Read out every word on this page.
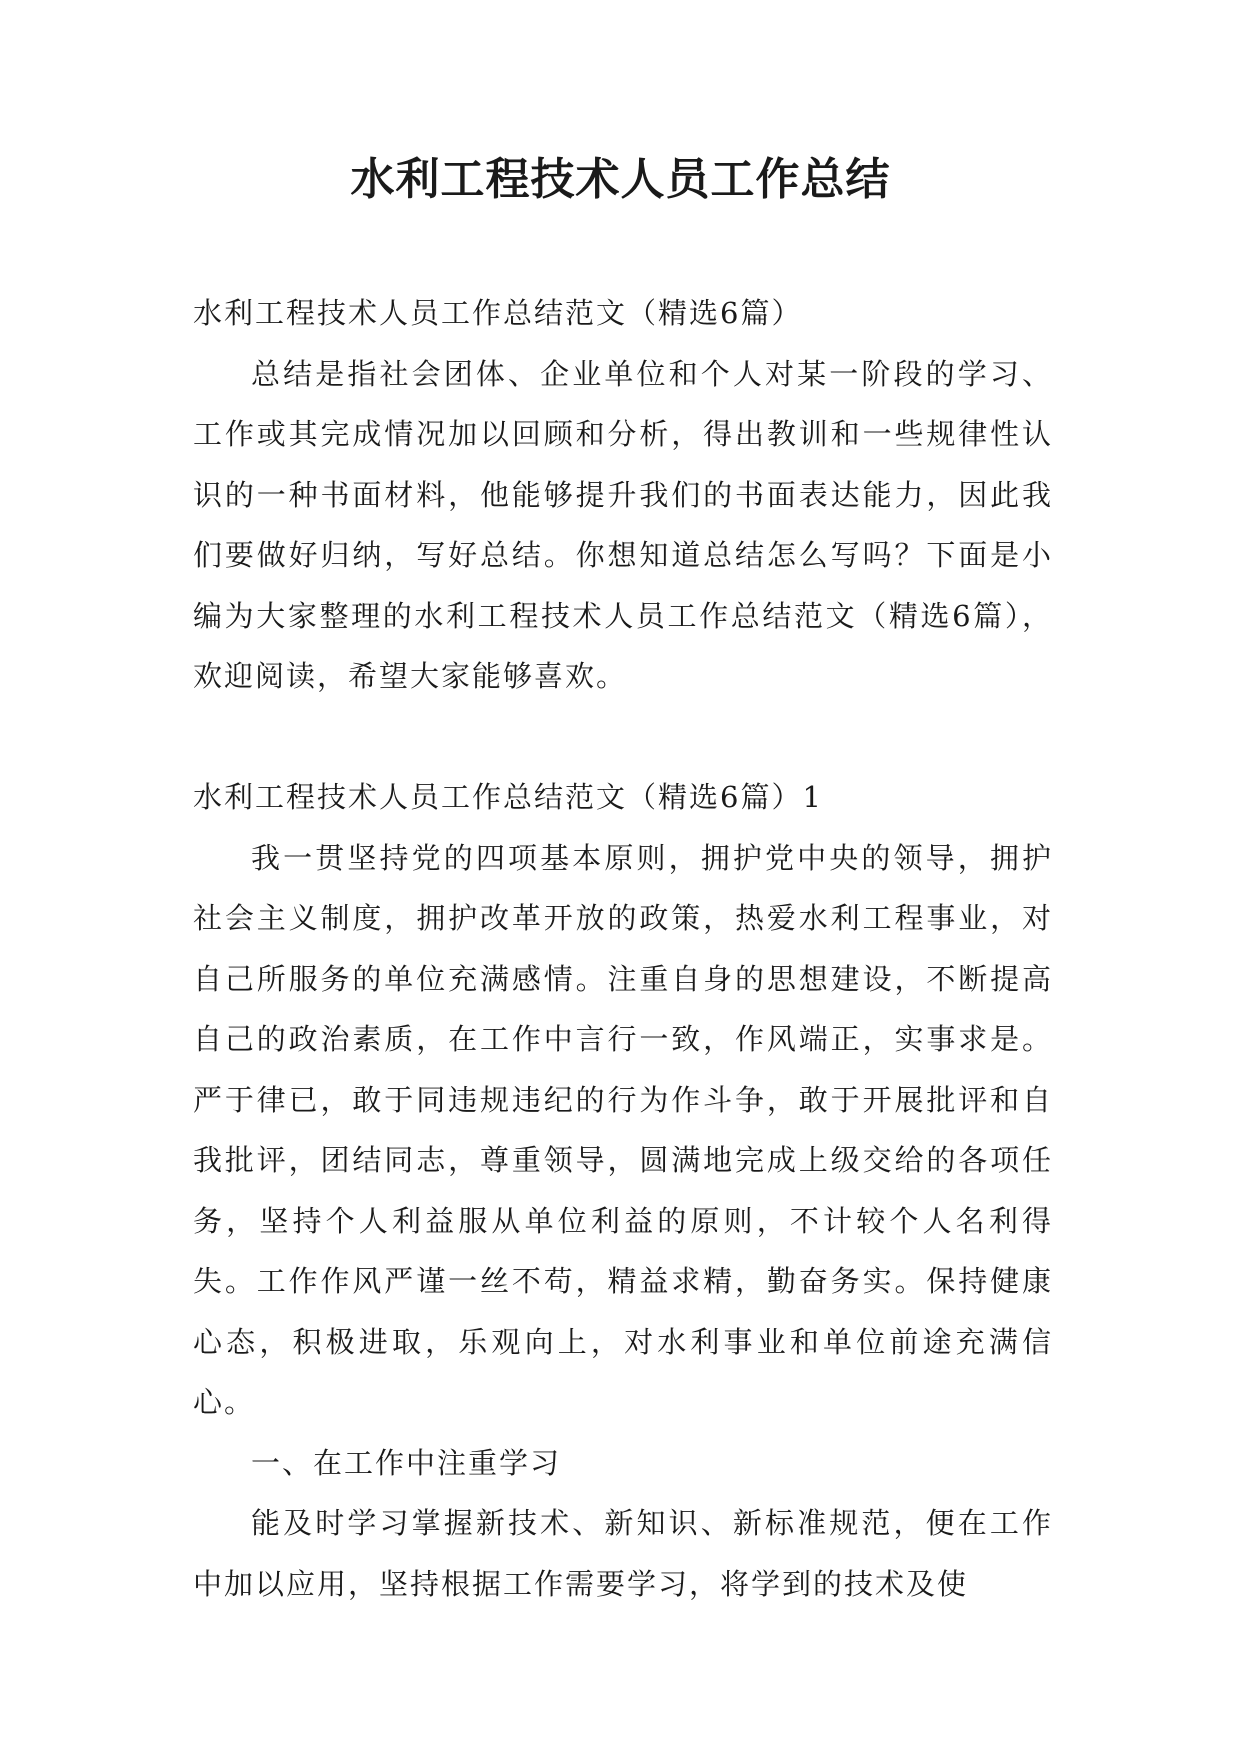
水利工程技术人员工作总结

水利工程技术人员工作总结范文（精选6篇）

总结是指社会团体、企业单位和个人对某一阶段的学习、工作或其完成情况加以回顾和分析，得出教训和一些规律性认识的一种书面材料，他能够提升我们的书面表达能力，因此我们要做好归纳，写好总结。你想知道总结怎么写吗？下面是小编为大家整理的水利工程技术人员工作总结范文（精选6篇），欢迎阅读，希望大家能够喜欢。

水利工程技术人员工作总结范文（精选6篇）1

我一贯坚持党的四项基本原则，拥护党中央的领导，拥护社会主义制度，拥护改革开放的政策，热爱水利工程事业，对自己所服务的单位充满感情。注重自身的思想建设，不断提高自己的政治素质，在工作中言行一致，作风端正，实事求是。严于律已，敢于同违规违纪的行为作斗争，敢于开展批评和自我批评，团结同志，尊重领导，圆满地完成上级交给的各项任务，坚持个人利益服从单位利益的原则，不计较个人名利得失。工作作风严谨一丝不苟，精益求精，勤奋务实。保持健康心态，积极进取，乐观向上，对水利事业和单位前途充满信心。

一、在工作中注重学习

能及时学习掌握新技术、新知识、新标准规范，便在工作中加以应用，坚持根据工作需要学习，将学到的技术及使
